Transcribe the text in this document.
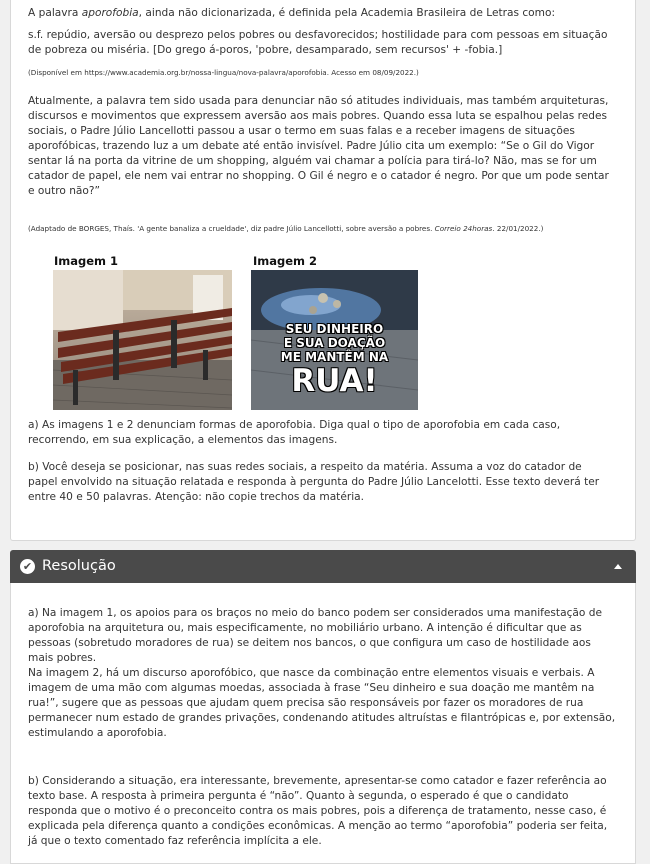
A palavra aporofobia, ainda não dicionarizada, é definida pela Academia Brasileira de Letras como:

s.f. repúdio, aversão ou desprezo pelos pobres ou desfavorecidos; hostilidade para com pessoas em situação de pobreza ou miséria. [Do grego á-poros, 'pobre, desamparado, sem recursos' + -fobia.]

(Disponível em https://www.academia.org.br/nossa-lingua/nova-palavra/aporofobia. Acesso em 08/09/2022.)

Atualmente, a palavra tem sido usada para denunciar não só atitudes individuais, mas também arquiteturas, discursos e movimentos que expressem aversão aos mais pobres. Quando essa luta se espalhou pelas redes sociais, o Padre Júlio Lancellotti passou a usar o termo em suas falas e a receber imagens de situações aporofóbicas, trazendo luz a um debate até então invisível. Padre Júlio cita um exemplo: “Se o Gil do Vigor sentar lá na porta da vitrine de um shopping, alguém vai chamar a polícia para tirá-lo? Não, mas se for um catador de papel, ele nem vai entrar no shopping. O Gil é negro e o catador é negro. Por que um pode sentar e outro não?”

(Adaptado de BORGES, Thaís. 'A gente banaliza a crueldade', diz padre Júlio Lancellotti, sobre aversão a pobres. Correio 24horas. 22/01/2022.)

Imagem 1	Imagem 2
SEU DINHEIRO
E SUA DOAÇÃO
ME MANTÊM NA
RUA!

a) As imagens 1 e 2 denunciam formas de aporofobia. Diga qual o tipo de aporofobia em cada caso, recorrendo, em sua explicação, a elementos das imagens.

b) Você deseja se posicionar, nas suas redes sociais, a respeito da matéria. Assuma a voz do catador de papel envolvido na situação relatada e responda à pergunta do Padre Júlio Lancelotti. Esse texto deverá ter entre 40 e 50 palavras. Atenção: não copie trechos da matéria.

✔ Resolução

a) Na imagem 1, os apoios para os braços no meio do banco podem ser considerados uma manifestação de aporofobia na arquitetura ou, mais especificamente, no mobiliário urbano. A intenção é dificultar que as pessoas (sobretudo moradores de rua) se deitem nos bancos, o que configura um caso de hostilidade aos mais pobres.

Na imagem 2, há um discurso aporofóbico, que nasce da combinação entre elementos visuais e verbais. A imagem de uma mão com algumas moedas, associada à frase “Seu dinheiro e sua doação me mantêm na rua!”, sugere que as pessoas que ajudam quem precisa são responsáveis por fazer os moradores de rua permanecer num estado de grandes privações, condenando atitudes altruístas e filantrópicas e, por extensão, estimulando a aporofobia.

b) Considerando a situação, era interessante, brevemente, apresentar-se como catador e fazer referência ao texto base. A resposta à primeira pergunta é “não”. Quanto à segunda, o esperado é que o candidato responda que o motivo é o preconceito contra os mais pobres, pois a diferença de tratamento, nesse caso, é explicada pela diferença quanto a condições econômicas. A menção ao termo “aporofobia” poderia ser feita, já que o texto comentado faz referência implícita a ele.
